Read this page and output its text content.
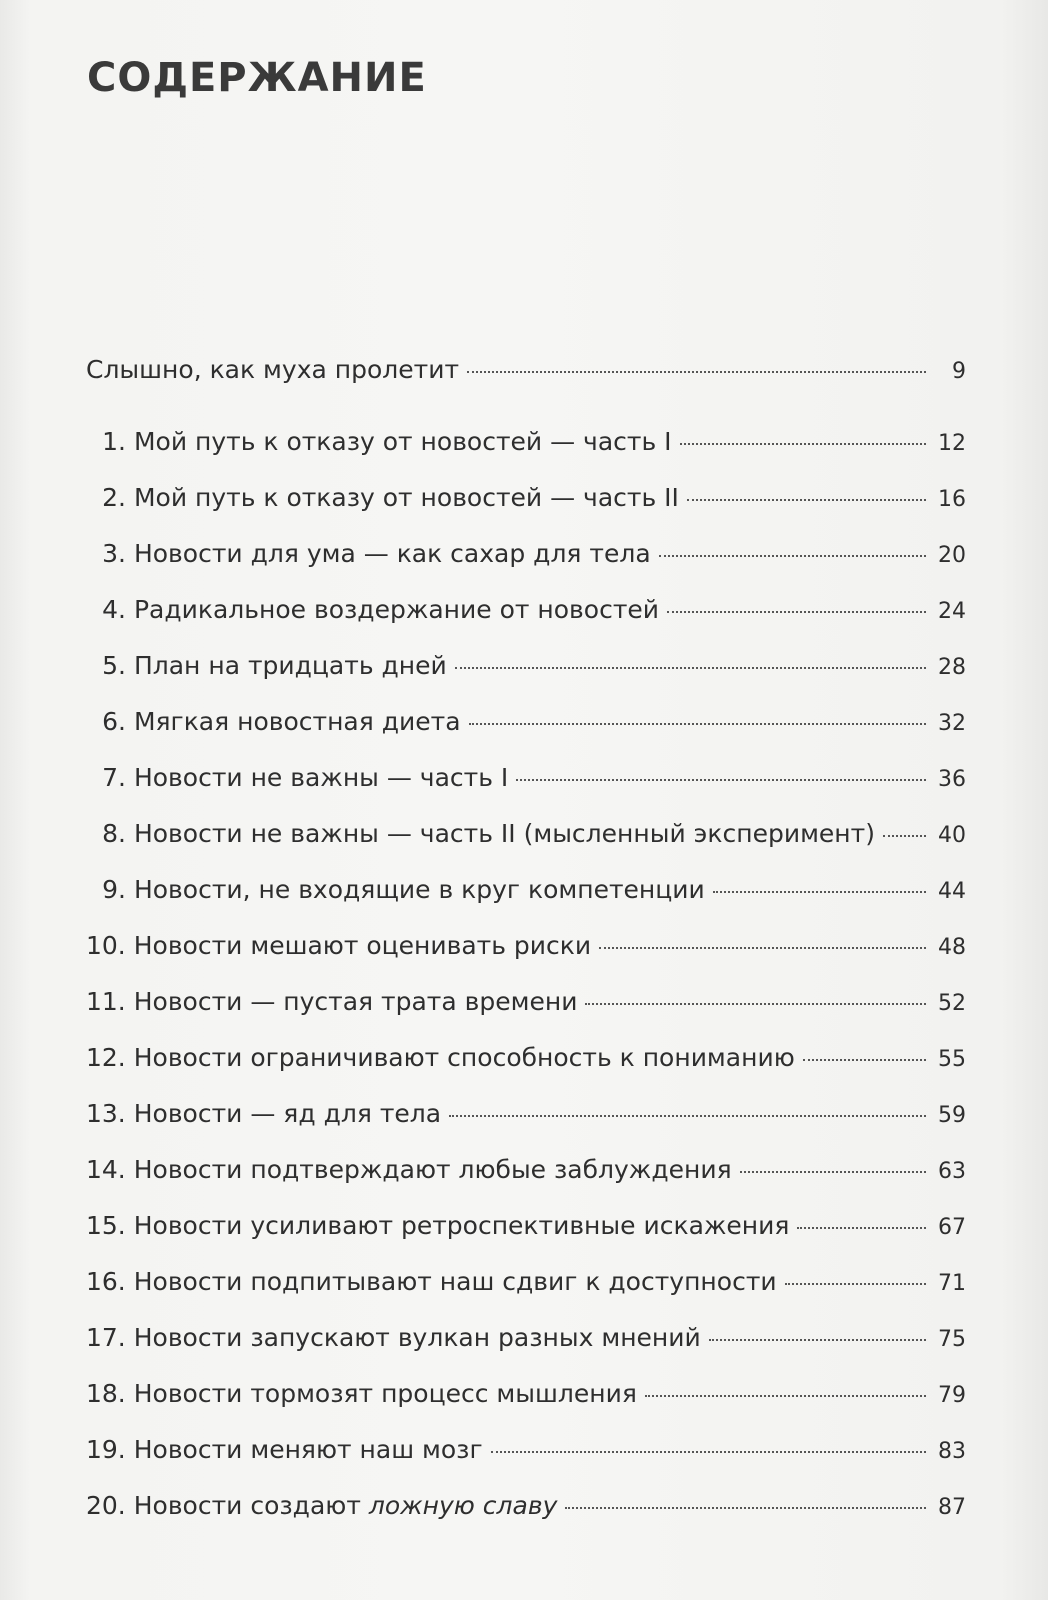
СОДЕРЖАНИЕ
Слышно, как муха пролетит	9
1. Мой путь к отказу от новостей — часть I	12
2. Мой путь к отказу от новостей — часть II	16
3. Новости для ума — как сахар для тела	20
4. Радикальное воздержание от новостей	24
5. План на тридцать дней	28
6. Мягкая новостная диета	32
7. Новости не важны — часть I	36
8. Новости не важны — часть II (мысленный эксперимент)	40
9. Новости, не входящие в круг компетенции	44
10. Новости мешают оценивать риски	48
11. Новости — пустая трата времени	52
12. Новости ограничивают способность к пониманию	55
13. Новости — яд для тела	59
14. Новости подтверждают любые заблуждения	63
15. Новости усиливают ретроспективные искажения	67
16. Новости подпитывают наш сдвиг к доступности	71
17. Новости запускают вулкан разных мнений	75
18. Новости тормозят процесс мышления	79
19. Новости меняют наш мозг	83
20. Новости создают ложную славу	87
